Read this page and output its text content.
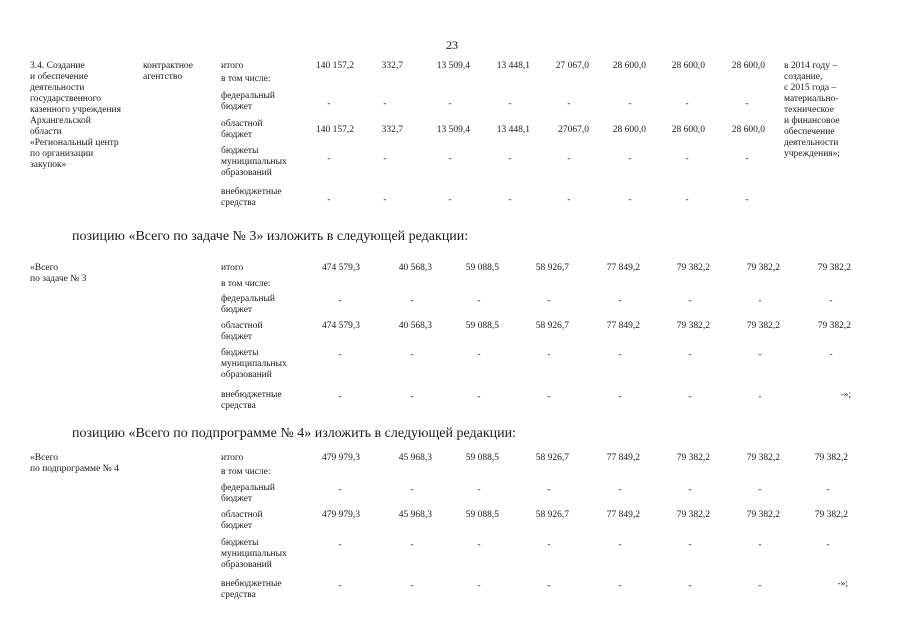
23
3.4. Создание
и обеспечение
деятельности
государственного
казенного учреждения
Архангельской
области
«Региональный центр
по организации
закупок»
контрактное
агентство
в 2014 году –
создание,
с 2015 года –
материально-
техническое
и финансовое
обеспечение
деятельности
учреждения»;
итого	140 157,2	332,7	13 509,4	13 448,1	27 067,0	28 600,0	28 600,0	28 600,0
в том числе:
федеральный
бюджет	-	-	-	-	-	-	-	-
областной
бюджет	140 157,2	332,7	13 509,4	13 448,1	27067,0	28 600,0	28 600,0	28 600,0
бюджеты
муниципальных
образований
-	-	-	-	-	-	-	-
внебюджетные
средства	-	-	-	-	-	-	-	-
позицию «Всего по задаче № 3» изложить в следующей редакции:
«Всего
по задаче № 3
итого	474 579,3	40 568,3	59 088,5	58 926,7	77 849,2	79 382,2	79 382,2	79 382,2
в том числе:
федеральный
бюджет
-	-	-	-	-	-	-	-
областной
бюджет
474 579,3	40 568,3	59 088,5	58 926,7	77 849,2	79 382,2	79 382,2	79 382,2
бюджеты
муниципальных
образований
-	-	-	-	-	-	-	-
внебюджетные
средства
-	-	-	-	-	-	-	-»;
позицию «Всего по подпрограмме № 4» изложить в следующей редакции:
«Всего
по подпрограмме № 4
итого	479 979,3	45 968,3	59 088,5	58 926,7	77 849,2	79 382,2	79 382,2	79 382,2
в том числе:
федеральный
бюджет
-	-	-	-	-	-	-	-
областной
бюджет
479 979,3	45 968,3	59 088,5	58 926,7	77 849,2	79 382,2	79 382,2	79 382,2
бюджеты
муниципальных
образований
-	-	-	-	-	-	-	-
внебюджетные
средства
-	-	-	-	-	-	-	-»;
